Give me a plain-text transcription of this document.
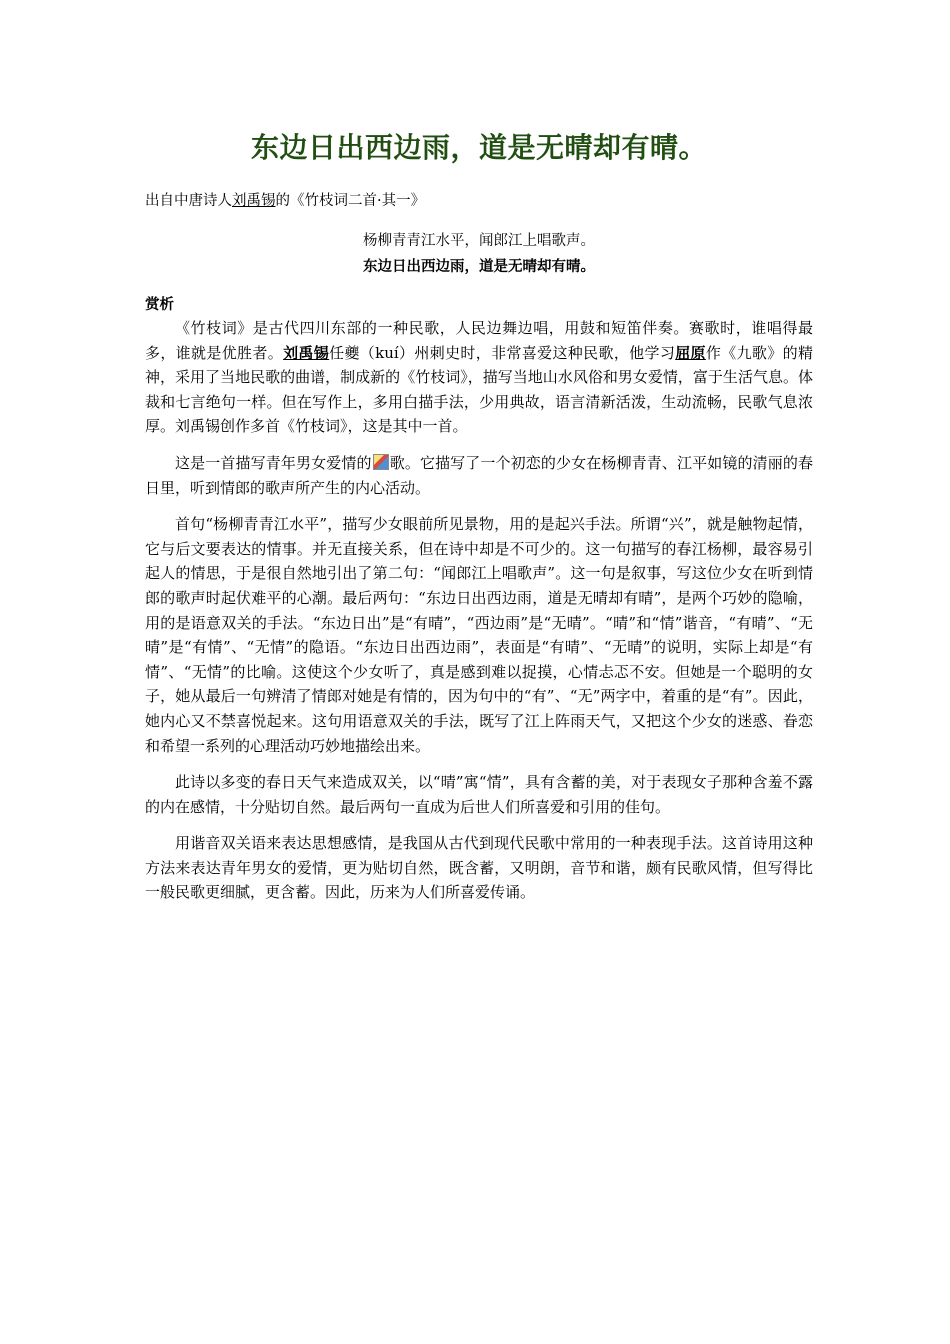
东边日出西边雨，道是无晴却有晴。

出自中唐诗人刘禹锡的《竹枝词二首·其一》

杨柳青青江水平，闻郎江上唱歌声。
东边日出西边雨，道是无晴却有晴。
赏析

《竹枝词》是古代四川东部的一种民歌，人民边舞边唱，用鼓和短笛伴奏。赛歌时，谁唱得最多，谁就是优胜者。刘禹锡任夔（kuí）州刺史时，非常喜爱这种民歌，他学习屈原作《九歌》的精神，采用了当地民歌的曲谱，制成新的《竹枝词》，描写当地山水风俗和男女爱情，富于生活气息。体裁和七言绝句一样。但在写作上，多用白描手法，少用典故，语言清新活泼，生动流畅，民歌气息浓厚。刘禹锡创作多首《竹枝词》，这是其中一首。

这是一首描写青年男女爱情的 歌。它描写了一个初恋的少女在杨柳青青、江平如镜的清丽的春日里，听到情郎的歌声所产生的内心活动。

首句“杨柳青青江水平”，描写少女眼前所见景物，用的是起兴手法。所谓“兴”，就是触物起情，它与后文要表达的情事。并无直接关系，但在诗中却是不可少的。这一句描写的春江杨柳，最容易引起人的情思，于是很自然地引出了第二句：“闻郎江上唱歌声”。这一句是叙事，写这位少女在听到情郎的歌声时起伏难平的心潮。最后两句：“东边日出西边雨，道是无晴却有晴”，是两个巧妙的隐喻，用的是语意双关的手法。“东边日出”是“有晴”，“西边雨”是“无晴”。“晴”和“情”谐音，“有晴”、“无晴”是“有情”、“无情”的隐语。“东边日出西边雨”，表面是“有晴”、“无晴”的说明，实际上却是“有情”、“无情”的比喻。这使这个少女听了，真是感到难以捉摸，心情忐忑不安。但她是一个聪明的女子，她从最后一句辨清了情郎对她是有情的，因为句中的“有”、“无”两字中，着重的是“有”。因此，她内心又不禁喜悦起来。这句用语意双关的手法，既写了江上阵雨天气，又把这个少女的迷惑、眷恋和希望一系列的心理活动巧妙地描绘出来。

此诗以多变的春日天气来造成双关，以“晴”寓“情”，具有含蓄的美，对于表现女子那种含羞不露的内在感情，十分贴切自然。最后两句一直成为后世人们所喜爱和引用的佳句。

用谐音双关语来表达思想感情，是我国从古代到现代民歌中常用的一种表现手法。这首诗用这种方法来表达青年男女的爱情，更为贴切自然，既含蓄，又明朗，音节和谐，颇有民歌风情，但写得比一般民歌更细腻，更含蓄。因此，历来为人们所喜爱传诵。
